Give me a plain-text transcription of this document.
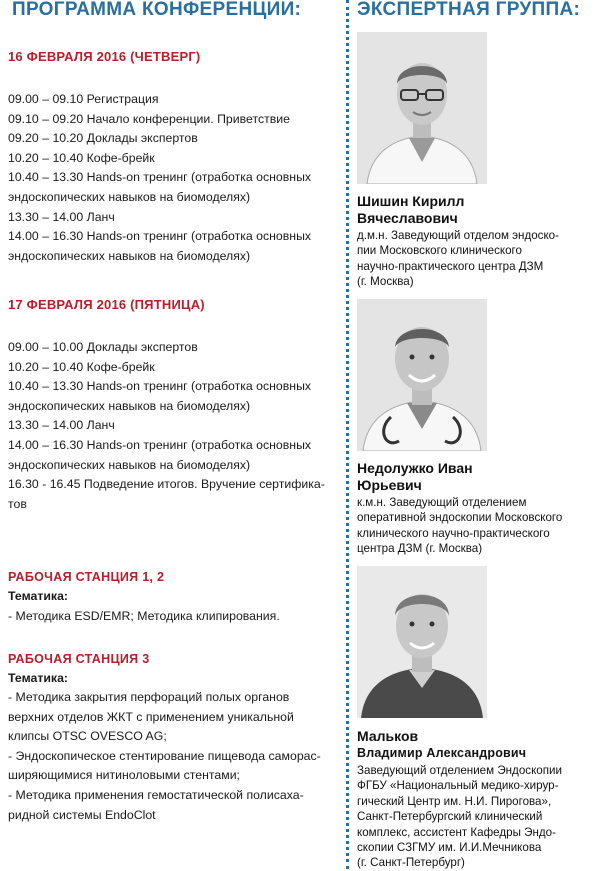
ПРОГРАММА КОНФЕРЕНЦИИ:
16 ФЕВРАЛЯ 2016 (ЧЕТВЕРГ)
09.00 – 09.10 Регистрация
09.10 – 09.20 Начало конференции. Приветствие
09.20 – 10.20 Доклады экспертов
10.20 – 10.40 Кофе-брейк
10.40 – 13.30 Hands-on тренинг (отработка основных
эндоскопических навыков на биомоделях)
13.30 – 14.00 Ланч
14.00 – 16.30 Hands-on тренинг (отработка основных
эндоскопических навыков на биомоделях)
17 ФЕВРАЛЯ 2016 (ПЯТНИЦА)
09.00 – 10.00 Доклады экспертов
10.20 – 10.40 Кофе-брейк
10.40 – 13.30 Hands-on тренинг (отработка основных
эндоскопических навыков на биомоделях)
13.30 – 14.00 Ланч
14.00 – 16.30 Hands-on тренинг (отработка основных
эндоскопических навыков на биомоделях)
16.30 - 16.45 Подведение итогов. Вручение сертифика-
тов
РАБОЧАЯ СТАНЦИЯ 1, 2
Тематика:
- Методика ESD/EMR; Методика клипирования.
РАБОЧАЯ СТАНЦИЯ 3
Тематика:
- Методика закрытия перфораций полых органов
верхних отделов ЖКТ с применением уникальной
клипсы OTSC OVESCO AG;
- Эндоскопическое стентирование пищевода саморас-
ширяющимися нитиноловыми стентами;
- Методика применения гемостатической полисаха-
ридной системы EndoClot
ЭКСПЕРТНАЯ ГРУППА:
Шишин Кирилл
Вячеславович
д.м.н. Заведующий отделом эндоско-
пии Московского клинического
научно-практического центра ДЗМ
(г. Москва)
Недолужко Иван
Юрьевич
к.м.н. Заведующий отделением
оперативной эндоскопии Московского
клинического научно-практического
центра ДЗМ (г. Москва)
Мальков
Владимир Александрович
Заведующий отделением Эндоскопии
ФГБУ «Национальный медико-хирур-
гический Центр им. Н.И. Пирогова»,
Санкт-Петербургский клинический
комплекс, ассистент Кафедры Эндо-
скопии СЗГМУ им. И.И.Мечникова
(г. Санкт-Петербург)
